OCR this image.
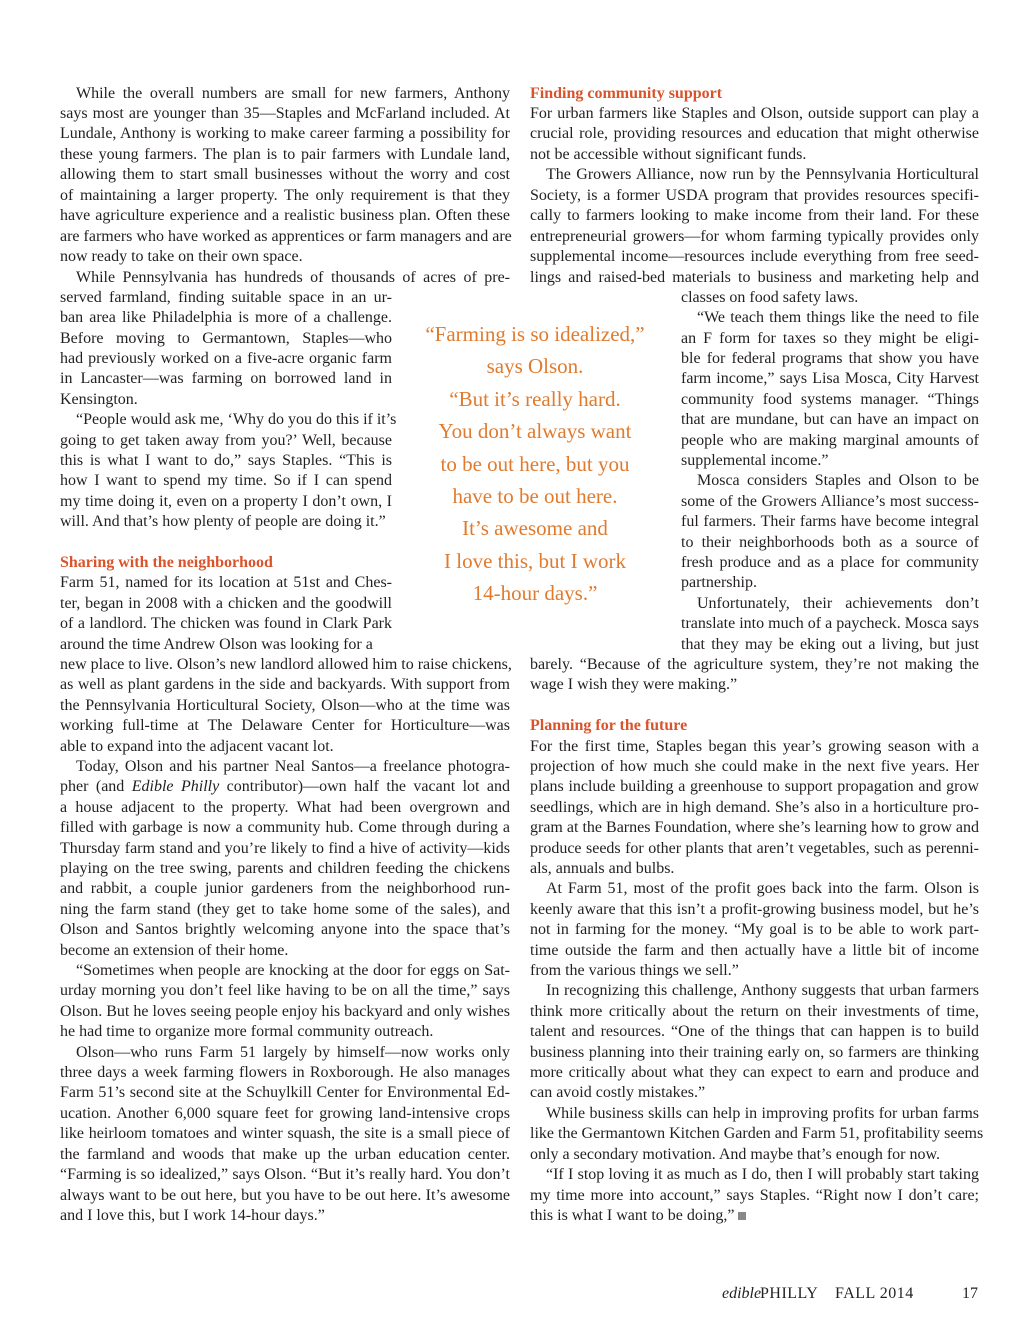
While the overall numbers are small for new farmers, Anthony
says most are younger than 35—Staples and McFarland included. At
Lundale, Anthony is working to make career farming a possibility for
these young farmers. The plan is to pair farmers with Lundale land,
allowing them to start small businesses without the worry and cost
of maintaining a larger property. The only requirement is that they
have agriculture experience and a realistic business plan. Often these
are farmers who have worked as apprentices or farm managers and are
now ready to take on their own space.
While Pennsylvania has hundreds of thousands of acres of pre-
served farmland, finding suitable space in an ur-
ban area like Philadelphia is more of a challenge.
Before moving to Germantown, Staples—who
had previously worked on a five-acre organic farm
in Lancaster—was farming on borrowed land in
Kensington.
“People would ask me, ‘Why do you do this if it’s
going to get taken away from you?’ Well, because
this is what I want to do,” says Staples. “This is
how I want to spend my time. So if I can spend
my time doing it, even on a property I don’t own, I
will. And that’s how plenty of people are doing it.”
Farm 51, named for its location at 51st and Ches-
ter, began in 2008 with a chicken and the goodwill
of a landlord. The chicken was found in Clark Park
around the time Andrew Olson was looking for a
new place to live. Olson’s new landlord allowed him to raise chickens,
as well as plant gardens in the side and backyards. With support from
the Pennsylvania Horticultural Society, Olson—who at the time was
working full-time at The Delaware Center for Horticulture—was
able to expand into the adjacent vacant lot.
Today, Olson and his partner Neal Santos—a freelance photogra-
a house adjacent to the property. What had been overgrown and
filled with garbage is now a community hub. Come through during a
Thursday farm stand and you’re likely to find a hive of activity—kids
playing on the tree swing, parents and children feeding the chickens
and rabbit, a couple junior gardeners from the neighborhood run-
ning the farm stand (they get to take home some of the sales), and
Olson and Santos brightly welcoming anyone into the space that’s
become an extension of their home.
“Sometimes when people are knocking at the door for eggs on Sat-
urday morning you don’t feel like having to be on all the time,” says
Olson. But he loves seeing people enjoy his backyard and only wishes
he had time to organize more formal community outreach.
Olson—who runs Farm 51 largely by himself—now works only
three days a week farming flowers in Roxborough. He also manages
Farm 51’s second site at the Schuylkill Center for Environmental Ed-
ucation. Another 6,000 square feet for growing land-intensive crops
like heirloom tomatoes and winter squash, the site is a small piece of
the farmland and woods that make up the urban education center.
“Farming is so idealized,” says Olson. “But it’s really hard. You don’t
always want to be out here, but you have to be out here. It’s awesome
and I love this, but I work 14-hour days.”
For urban farmers like Staples and Olson, outside support can play a
crucial role, providing resources and education that might otherwise
not be accessible without significant funds.
The Growers Alliance, now run by the Pennsylvania Horticultural
Society, is a former USDA program that provides resources specifi-
cally to farmers looking to make income from their land. For these
entrepreneurial growers—for whom farming typically provides only
supplemental income—resources include everything from free seed-
lings and raised-bed materials to business and marketing help and
classes on food safety laws.
“We teach them things like the need to file
an F form for taxes so they might be eligi-
ble for federal programs that show you have
farm income,” says Lisa Mosca, City Harvest
community food systems manager. “Things
that are mundane, but can have an impact on
people who are making marginal amounts of
supplemental income.”
Mosca considers Staples and Olson to be
some of the Growers Alliance’s most success-
ful farmers. Their farms have become integral
to their neighborhoods both as a source of
fresh produce and as a place for community
partnership.
Unfortunately, their achievements don’t
translate into much of a paycheck. Mosca says
that they may be eking out a living, but just
barely. “Because of the agriculture system, they’re not making the
wage I wish they were making.”
For the first time, Staples began this year’s growing season with a
projection of how much she could make in the next five years. Her
plans include building a greenhouse to support propagation and grow
seedlings, which are in high demand. She’s also in a horticulture pro-
gram at the Barnes Foundation, where she’s learning how to grow and
produce seeds for other plants that aren’t vegetables, such as perenni-
als, annuals and bulbs.
At Farm 51, most of the profit goes back into the farm. Olson is
keenly aware that this isn’t a profit-growing business model, but he’s
not in farming for the money. “My goal is to be able to work part-
time outside the farm and then actually have a little bit of income
from the various things we sell.”
In recognizing this challenge, Anthony suggests that urban farmers
think more critically about the return on their investments of time,
talent and resources. “One of the things that can happen is to build
business planning into their training early on, so farmers are thinking
more critically about what they can expect to earn and produce and
can avoid costly mistakes.”
While business skills can help in improving profits for urban farms
like the Germantown Kitchen Garden and Farm 51, profitability seems
only a secondary motivation. And maybe that’s enough for now.
“If I stop loving it as much as I do, then I will probably start taking
my time more into account,” says Staples. “Right now I don’t care;
this is what I want to be doing,”
pher (and Edible Philly contributor)—own half the vacant lot and
Sharing with the neighborhood
Finding community support
Planning for the future
“Farming is so idealized,”
says Olson.
“But it’s really hard.
You don’t always want
to be out here, but you
have to be out here.
It’s awesome and
I love this, but I work
14-hour days.”
edible
PHILLY FALL 2014	17
